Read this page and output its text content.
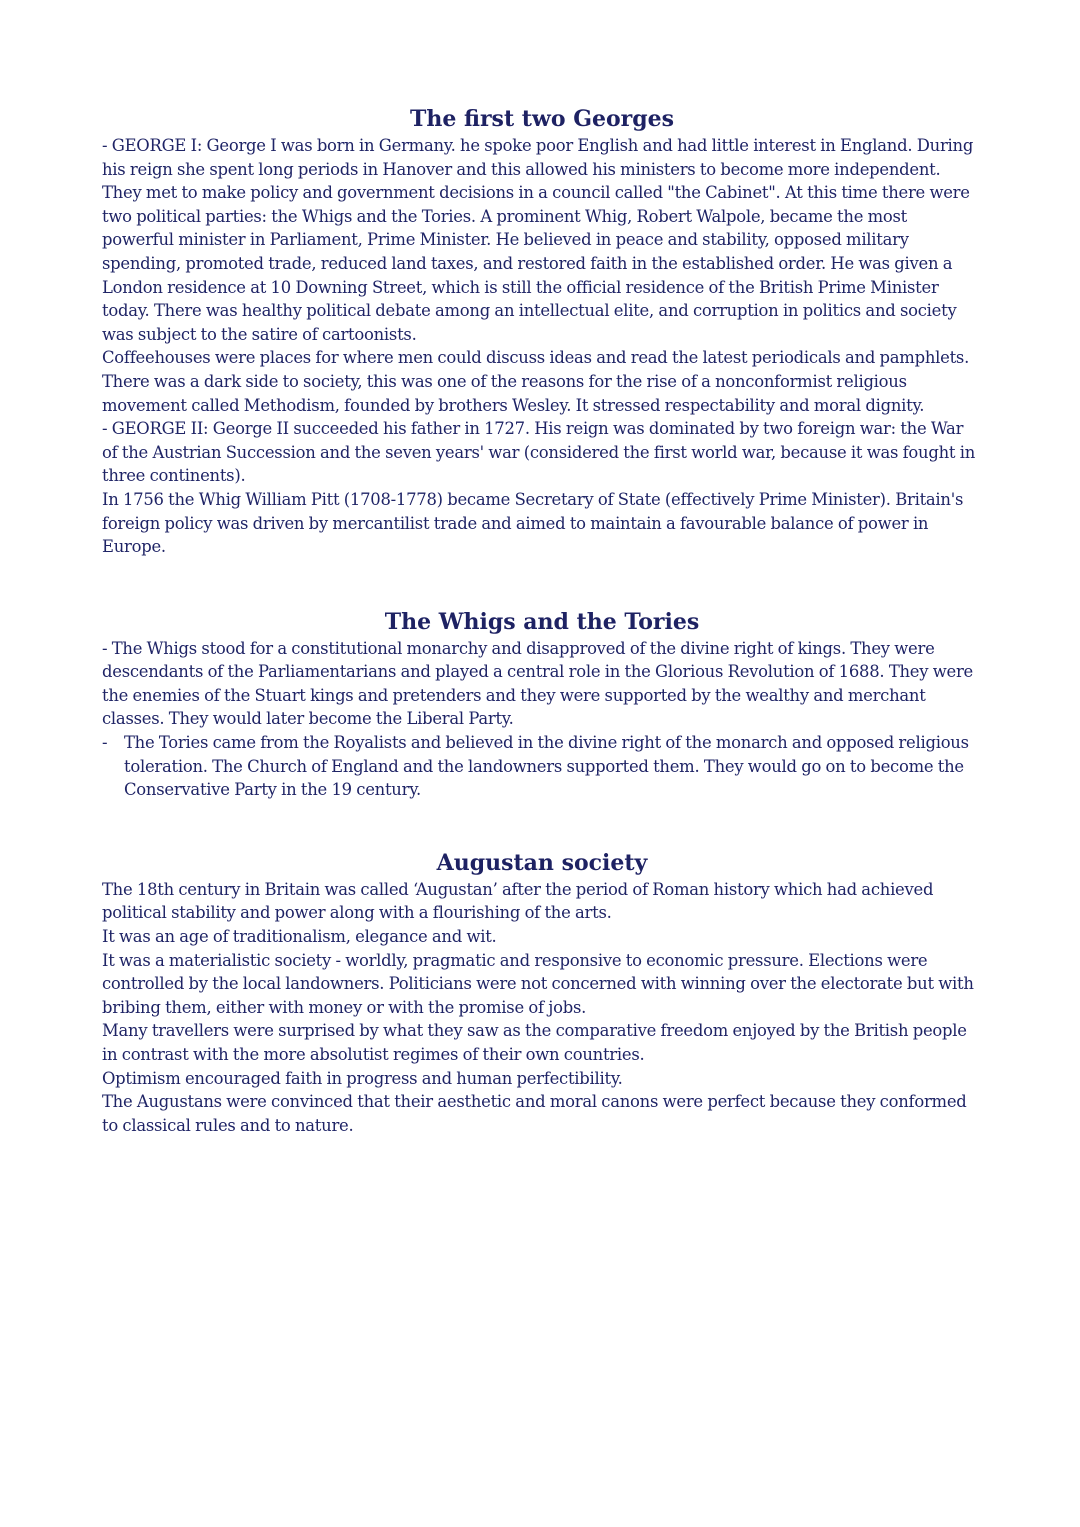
The first two Georges

- GEORGE I: George I was born in Germany. he spoke poor English and had little interest in England. During his reign she spent long periods in Hanover and this allowed his ministers to become more independent. They met to make policy and government decisions in a council called "the Cabinet". At this time there were two political parties: the Whigs and the Tories. A prominent Whig, Robert Walpole, became the most powerful minister in Parliament, Prime Minister. He believed in peace and stability, opposed military spending, promoted trade, reduced land taxes, and restored faith in the established order. He was given a London residence at 10 Downing Street, which is still the official residence of the British Prime Minister today. There was healthy political debate among an intellectual elite, and corruption in politics and society was subject to the satire of cartoonists.

Coffeehouses were places for where men could discuss ideas and read the latest periodicals and pamphlets. There was a dark side to society, this was one of the reasons for the rise of a nonconformist religious movement called Methodism, founded by brothers Wesley. It stressed respectability and moral dignity.

- GEORGE II: George II succeeded his father in 1727. His reign was dominated by two foreign war: the War of the Austrian Succession and the seven years' war (considered the first world war, because it was fought in three continents).

In 1756 the Whig William Pitt (1708-1778) became Secretary of State (effectively Prime Minister). Britain's foreign policy was driven by mercantilist trade and aimed to maintain a favourable balance of power in Europe.

The Whigs and the Tories

- The Whigs stood for a constitutional monarchy and disapproved of the divine right of kings. They were descendants of the Parliamentarians and played a central role in the Glorious Revolution of 1688. They were the enemies of the Stuart kings and pretenders and they were supported by the wealthy and merchant classes. They would later become the Liberal Party.

- The Tories came from the Royalists and believed in the divine right of the monarch and opposed religious toleration. The Church of England and the landowners supported them. They would go on to become the Conservative Party in the 19 century.
Augustan society

The 18th century in Britain was called ‘Augustan’ after the period of Roman history which had achieved political stability and power along with a flourishing of the arts.

It was an age of traditionalism, elegance and wit.

It was a materialistic society - worldly, pragmatic and responsive to economic pressure. Elections were controlled by the local landowners. Politicians were not concerned with winning over the electorate but with bribing them, either with money or with the promise of jobs.

Many travellers were surprised by what they saw as the comparative freedom enjoyed by the British people in contrast with the more absolutist regimes of their own countries.

Optimism encouraged faith in progress and human perfectibility.

The Augustans were convinced that their aesthetic and moral canons were perfect because they conformed to classical rules and to nature.
